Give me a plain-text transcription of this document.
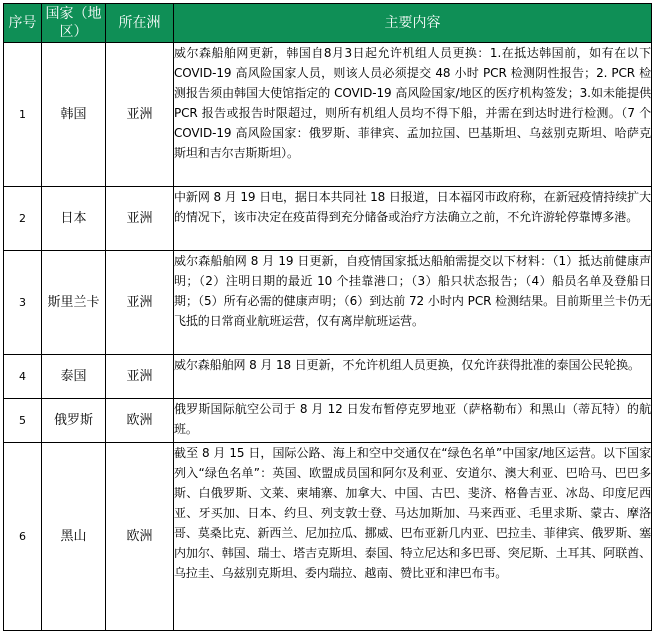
序号	国家（地区）	所在洲	主要内容
1	韩国	亚洲	威尔森船舶网更新，韩国自8月3日起允许机组人员更换：1.在抵达韩国前，如有在以下 COVID-19 高风险国家人员，则该人员必须提交 48 小时 PCR 检测阴性报告；2. PCR 检测报告须由韩国大使馆指定的 COVID-19 高风险国家/地区的医疗机构签发；3.如未能提供 PCR 报告或报告时限超过，则所有机组人员均不得下船，并需在到达时进行检测。（7 个 COVID-19 高风险国家：俄罗斯、菲律宾、孟加拉国、巴基斯坦、乌兹别克斯坦、哈萨克斯坦和吉尔吉斯斯坦）。
2	日本	亚洲	中新网 8 月 19 日电，据日本共同社 18 日报道，日本福冈市政府称，在新冠疫情持续扩大的情况下，该市决定在疫苗得到充分储备或治疗方法确立之前，不允许游轮停靠博多港。
3	斯里兰卡	亚洲	威尔森船舶网 8 月 19 日更新，自疫情国家抵达船舶需提交以下材料：（1）抵达前健康声明；（2）注明日期的最近 10 个挂靠港口；（3）船只状态报告；（4）船员名单及登船日期；（5）所有必需的健康声明；（6）到达前 72 小时内 PCR 检测结果。目前斯里兰卡仍无飞抵的日常商业航班运营，仅有离岸航班运营。
4	泰国	亚洲	威尔森船舶网 8 月 18 日更新，不允许机组人员更换，仅允许获得批准的泰国公民轮换。
5	俄罗斯	欧洲	俄罗斯国际航空公司于 8 月 12 日发布暂停克罗地亚（萨格勒布）和黑山（蒂瓦特）的航班。
6	黑山	欧洲	截至 8 月 15 日，国际公路、海上和空中交通仅在“绿色名单”中国家/地区运营。以下国家列入“绿色名单”：英国、欧盟成员国和阿尔及利亚、安道尔、澳大利亚、巴哈马、巴巴多斯、白俄罗斯、文莱、柬埔寨、加拿大、中国、古巴、斐济、格鲁吉亚、冰岛、印度尼西亚、牙买加、日本、约旦、列支敦士登、马达加斯加、马来西亚、毛里求斯、蒙古、摩洛哥、莫桑比克、新西兰、尼加拉瓜、挪威、巴布亚新几内亚、巴拉圭、菲律宾、俄罗斯、塞内加尔、韩国、瑞士、塔吉克斯坦、泰国、特立尼达和多巴哥、突尼斯、土耳其、阿联酋、乌拉圭、乌兹别克斯坦、委内瑞拉、越南、赞比亚和津巴布韦。
